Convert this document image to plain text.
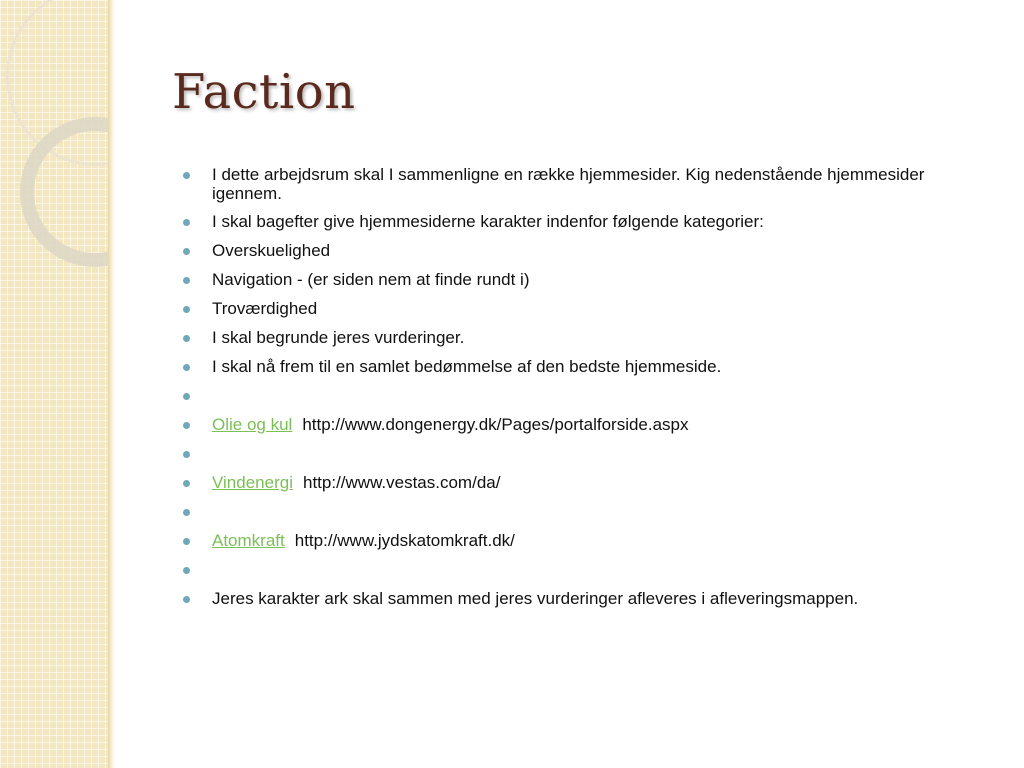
Faction
I dette arbejdsrum skal I sammenligne en række hjemmesider. Kig nedenstående hjemmesider igennem.
I skal bagefter give hjemmesiderne karakter indenfor følgende kategorier:
Overskuelighed
Navigation - (er siden nem at finde rundt i)
Troværdighed
I skal begrunde jeres vurderinger.
I skal nå frem til en samlet bedømmelse af den bedste hjemmeside.
Olie og kul http://www.dongenergy.dk/Pages/portalforside.aspx
Vindenergi http://www.vestas.com/da/
Atomkraft http://www.jydskatomkraft.dk/
Jeres karakter ark skal sammen med jeres vurderinger afleveres i afleveringsmappen.
